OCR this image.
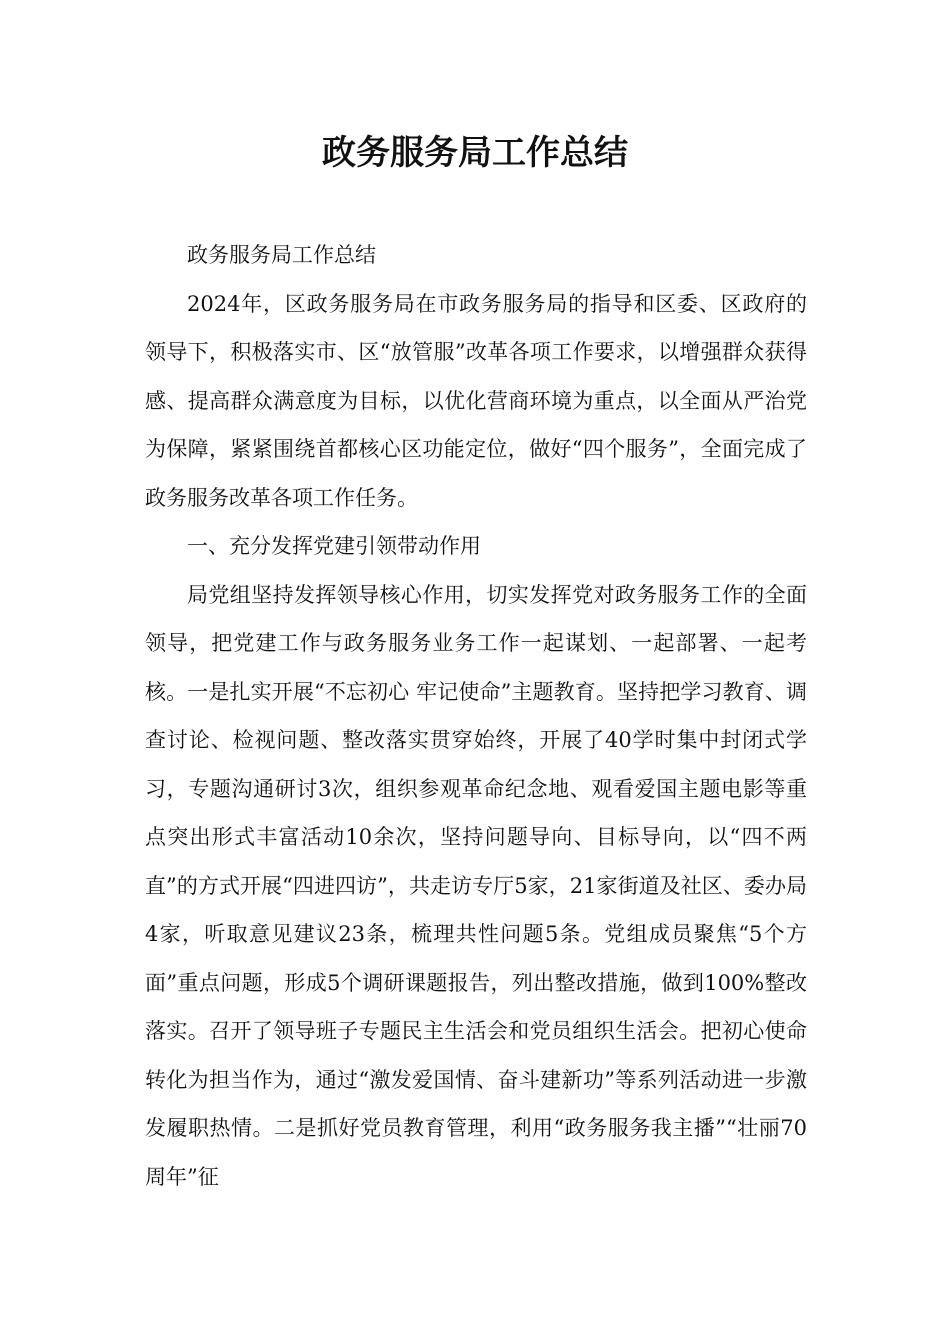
政务服务局工作总结

政务服务局工作总结

2024年，区政务服务局在市政务服务局的指导和区委、区政府的领导下，积极落实市、区“放管服”改革各项工作要求，以增强群众获得感、提高群众满意度为目标，以优化营商环境为重点，以全面从严治党为保障，紧紧围绕首都核心区功能定位，做好“四个服务”，全面完成了政务服务改革各项工作任务。

一、充分发挥党建引领带动作用

局党组坚持发挥领导核心作用，切实发挥党对政务服务工作的全面领导，把党建工作与政务服务业务工作一起谋划、一起部署、一起考核。一是扎实开展“不忘初心 牢记使命”主题教育。坚持把学习教育、调查讨论、检视问题、整改落实贯穿始终，开展了40学时集中封闭式学习，专题沟通研讨3次，组织参观革命纪念地、观看爱国主题电影等重点突出形式丰富活动10余次，坚持问题导向、目标导向，以“四不两直”的方式开展“四进四访”，共走访专厅5家，21家街道及社区、委办局4家，听取意见建议23条，梳理共性问题5条。党组成员聚焦“5个方面”重点问题，形成5个调研课题报告，列出整改措施，做到100%整改落实。召开了领导班子专题民主生活会和党员组织生活会。把初心使命转化为担当作为，通过“激发爱国情、奋斗建新功”等系列活动进一步激发履职热情。二是抓好党员教育管理，利用“政务服务我主播”“壮丽70周年”征
